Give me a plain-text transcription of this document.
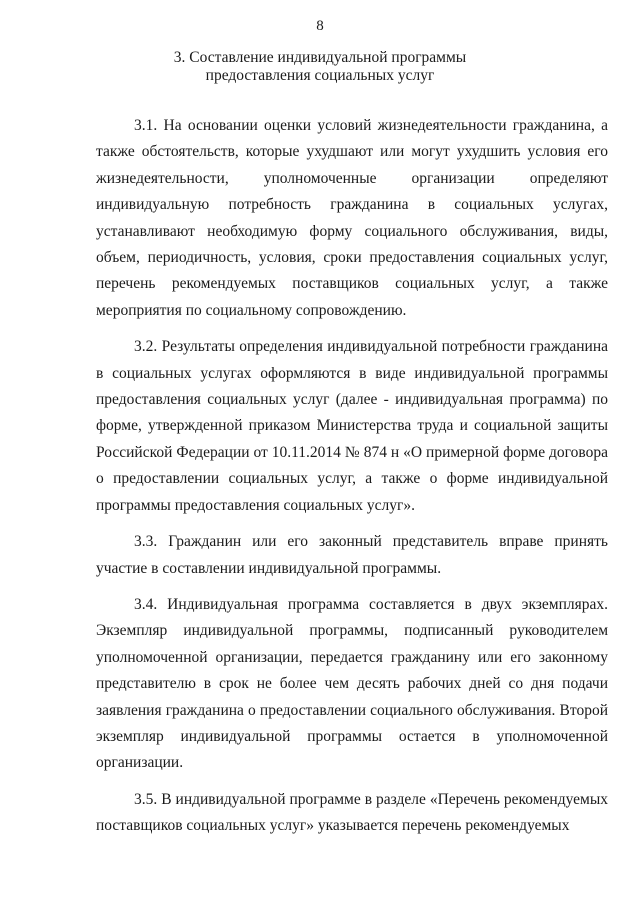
8
3. Составление индивидуальной программы
предоставления социальных услуг

3.1. На основании оценки условий жизнедеятельности гражданина, а также обстоятельств, которые ухудшают или могут ухудшить условия его жизнедеятельности, уполномоченные организации определяют индивидуальную потребность гражданина в социальных услугах, устанавливают необходимую форму социального обслуживания, виды, объем, периодичность, условия, сроки предоставления социальных услуг, перечень рекомендуемых поставщиков социальных услуг, а также мероприятия по социальному сопровождению.

3.2. Результаты определения индивидуальной потребности гражданина в социальных услугах оформляются в виде индивидуальной программы предоставления социальных услуг (далее - индивидуальная программа) по форме, утвержденной приказом Министерства труда и социальной защиты Российской Федерации от 10.11.2014 № 874 н «О примерной форме договора о предоставлении социальных услуг, а также о форме индивидуальной программы предоставления социальных услуг».

3.3. Гражданин или его законный представитель вправе принять участие в составлении индивидуальной программы.

3.4. Индивидуальная программа составляется в двух экземплярах. Экземпляр индивидуальной программы, подписанный руководителем уполномоченной организации, передается гражданину или его законному представителю в срок не более чем десять рабочих дней со дня подачи заявления гражданина о предоставлении социального обслуживания. Второй экземпляр индивидуальной программы остается в уполномоченной организации.

3.5. В индивидуальной программе в разделе «Перечень рекомендуемых поставщиков социальных услуг» указывается перечень рекомендуемых
